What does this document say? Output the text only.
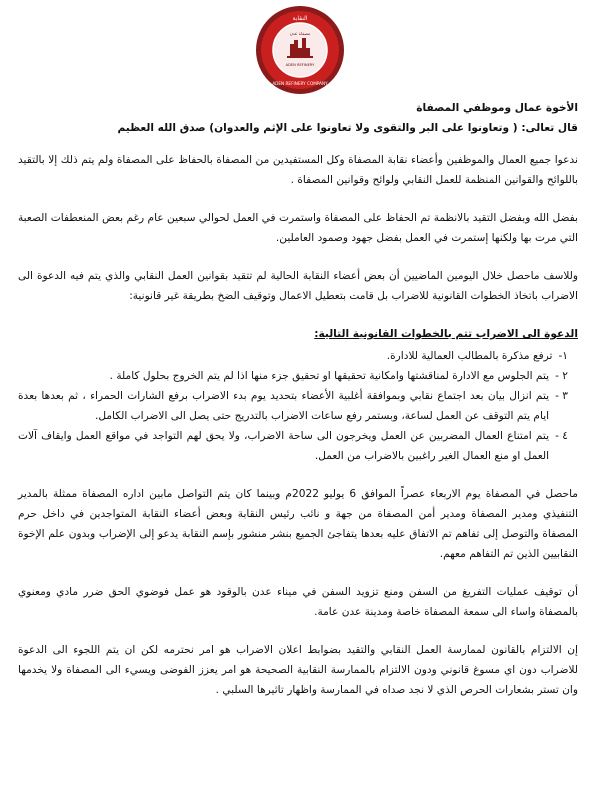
النقابة
مصفاة عدن
ADEN REFINERY
ADEN REFINERY COMPANY

الأخوة عمال وموظفي المصفاة

قال تعالى: ( وتعاونوا على البر والتقوى ولا تعاونوا على الإثم والعدوان) صدق الله العظيم

ندعوا جميع العمال والموظفين وأعضاء نقابة المصفاة وكل المستفيدين من المصفاة بالحفاظ على المصفاة ولم يتم ذلك إلا بالتقيد باللوائح والقوانين المنظمة للعمل النقابي ولوائح وقوانين المصفاة .

بفضل الله وبفضل التقيد بالانظمة تم الحفاظ على المصفاة واستمرت في العمل لحوالي سبعين عام رغم بعض المنعطفات الصعبة التي مرت بها ولكنها إستمرت في العمل بفضل جهود وصمود العاملين.

وللاسف ماحصل خلال اليومين الماضيين أن بعض أعضاء النقابة الحالية لم تتقيد بقوانين العمل النقابي والذي يتم فيه الدعوة الى الاضراب باتخاذ الخطوات القانونية للاضراب بل قامت بتعطيل الاعمال وتوقيف الضخ بطريقة غير قانونية:

الدعوة الى الاضراب تتم بالخطوات القانونية التالية:

١-
ترفع مذكرة بالمطالب العمالية للادارة.
٢ -
يتم الجلوس مع الادارة لمناقشتها وامكانية تحقيقها او تحقيق جزء منها اذا لم يتم الخروج بحلول كاملة .
٣ -
يتم انزال بيان بعد اجتماع نقابي وبموافقة أغلبية الأعضاء بتحديد يوم بدء الاضراب برفع الشارات الحمراء ، ثم بعدها بعدة ايام يتم التوقف عن العمل لساعة، وبستمر رفع ساعات الاضراب بالتدريج حتى يصل الى الاضراب الكامل.
٤ -
يتم امتناع العمال المضربين عن العمل ويخرجون الى ساحة الاضراب، ولا يحق لهم التواجد في مواقع العمل وايقاف آلات العمل او منع العمال الغير راغبين بالاضراب من العمل.

ماحصل في المصفاة يوم الاربعاء عصراً الموافق 6 يوليو 2022م وبينما كان يتم التواصل مابين اداره المصفاة ممثلة بالمدير التنفيذي ومدير المصفاة ومدير أمن المصفاة من جهة و نائب رئيس النقابة وبعض أعضاء النقابة المتواجدين في داخل حرم المصفاة والتوصل إلى تفاهم تم الاتفاق عليه بعدها يتفاجئ الجميع بنشر منشور بإسم النقابة يدعو إلى الإضراب وبدون علم الإخوة النقابيين الذين تم التفاهم معهم.

أن توقيف عمليات التفريغ من السفن ومنع تزويد السفن في ميناء عدن بالوقود هو عمل فوضوي الحق ضرر مادي ومعنوي بالمصفاة واساء الى سمعة المصفاة خاصة ومدينة عدن عامة.

إن الالتزام بالقانون لممارسة العمل النقابي والتقيد بضوابط اعلان الاضراب هو امر نحترمه لكن ان يتم اللجوء الى الدعوة للاضراب دون اي مسوغ قانوني ودون الالتزام بالممارسة النقابية الصحيحة هو امر يعزز الفوضى ويسيء الى المصفاة ولا يخدمها وان تستر بشعارات الحرص الذي لا نجد صداه في الممارسة واظهار تاثيرها السلبي .
